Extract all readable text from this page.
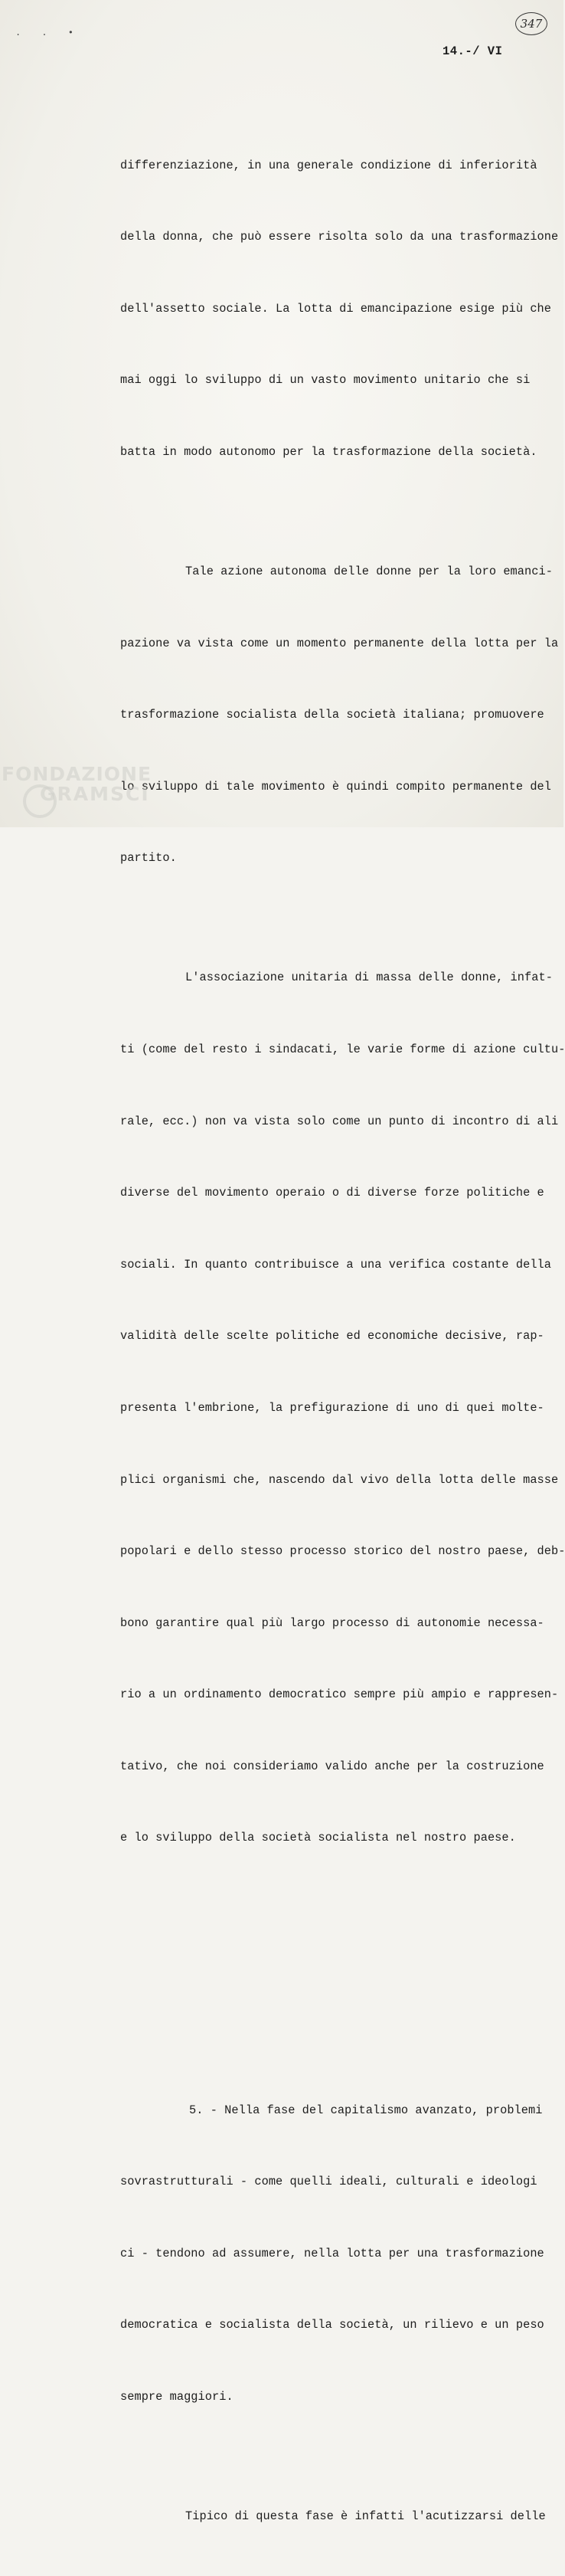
. . •
347
14.-/ VI

differenziazione, in una generale condizione di inferiorità

della donna, che può essere risolta solo da una trasformazione

dell'assetto sociale. La lotta di emancipazione esige più che

mai oggi lo sviluppo di un vasto movimento unitario che si

batta in modo autonomo per la trasformazione della società.

Tale azione autonoma delle donne per la loro emanci-

pazione va vista come un momento permanente della lotta per la

trasformazione socialista della società italiana; promuovere

lo sviluppo di tale movimento è quindi compito permanente del

partito.

L'associazione unitaria di massa delle donne, infat-

ti (come del resto i sindacati, le varie forme di azione cultu-

rale, ecc.) non va vista solo come un punto di incontro di ali

diverse del movimento operaio o di diverse forze politiche e

sociali. In quanto contribuisce a una verifica costante della

validità delle scelte politiche ed economiche decisive, rap-

presenta l'embrione, la prefigurazione di uno di quei molte-

plici organismi che, nascendo dal vivo della lotta delle masse

popolari e dello stesso processo storico del nostro paese, deb-

bono garantire qual più largo processo di autonomie necessa-

rio a un ordinamento democratico sempre più ampio e rappresen-

tativo, che noi consideriamo valido anche per la costruzione

e lo sviluppo della società socialista nel nostro paese.

5. - Nella fase del capitalismo avanzato, problemi

sovrastrutturali - come quelli ideali, culturali e ideologi

ci - tendono ad assumere, nella lotta per una trasformazione

democratica e socialista della società, un rilievo e un peso

sempre maggiori.

Tipico di questa fase è infatti l'acutizzarsi delle

FONDAZIONE
GRAMSCI
